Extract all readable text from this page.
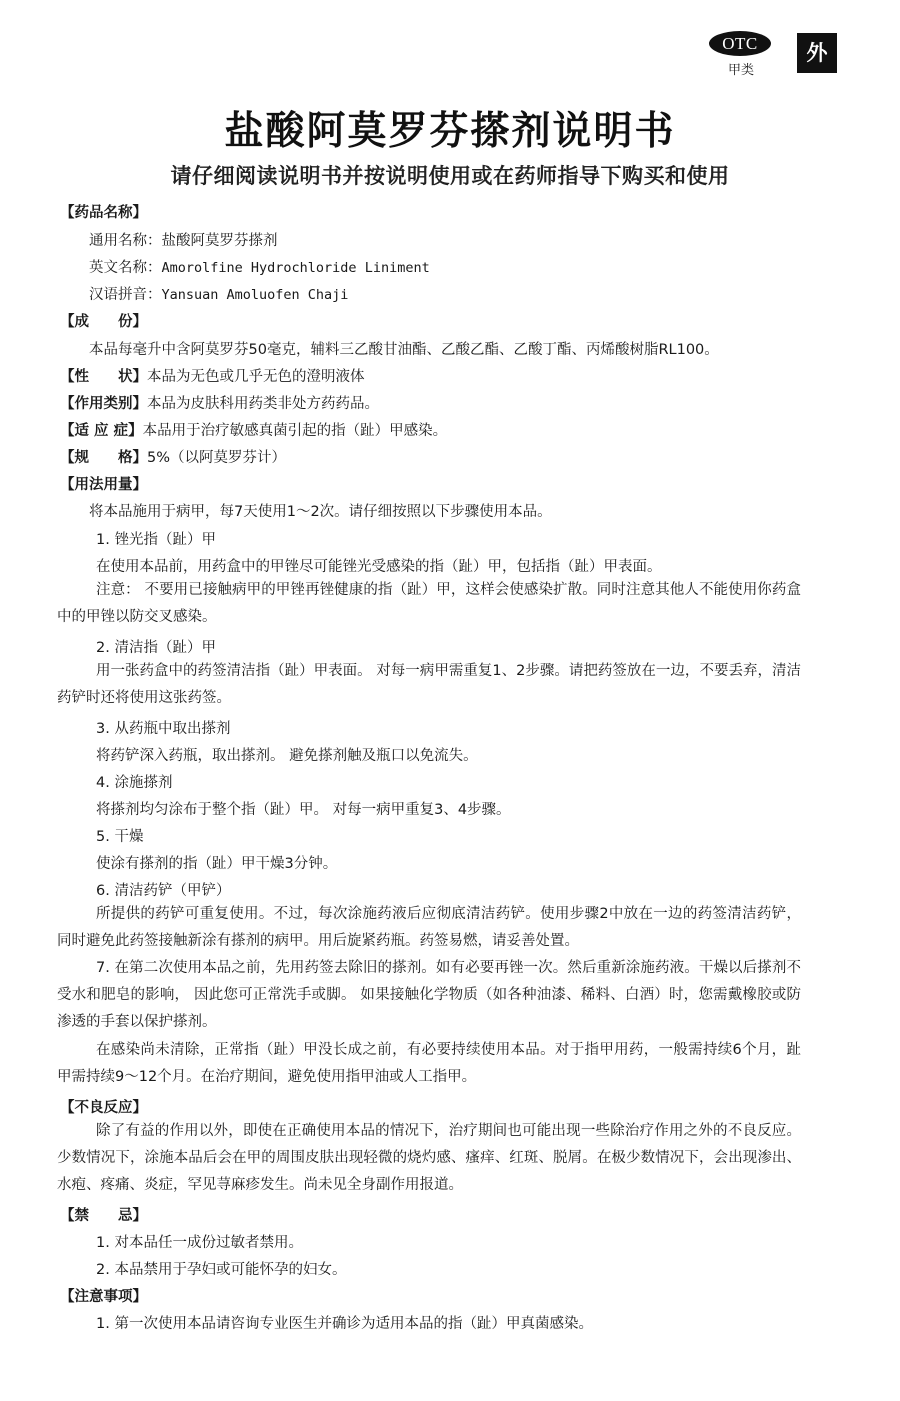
OTC
甲类
外
盐酸阿莫罗芬搽剂说明书
请仔细阅读说明书并按说明使用或在药师指导下购买和使用
【药品名称】
通用名称：盐酸阿莫罗芬搽剂
英文名称：Amorolfine Hydrochloride Liniment
汉语拼音：Yansuan Amoluofen Chaji
【成　　份】
本品每毫升中含阿莫罗芬50毫克，辅料三乙酸甘油酯、乙酸乙酯、乙酸丁酯、丙烯酸树脂RL100。
【性　　状】本品为无色或几乎无色的澄明液体
【作用类别】本品为皮肤科用药类非处方药药品。
【适 应 症】本品用于治疗敏感真菌引起的指（趾）甲感染。
【规　　格】5%（以阿莫罗芬计）
【用法用量】
将本品施用于病甲，每7天使用1～2次。请仔细按照以下步骤使用本品。
1. 锉光指（趾）甲
在使用本品前，用药盒中的甲锉尽可能锉光受感染的指（趾）甲，包括指（趾）甲表面。
注意： 不要用已接触病甲的甲锉再锉健康的指（趾）甲，这样会使感染扩散。同时注意其他人不能使用你药盒中的甲锉以防交叉感染。
2. 清洁指（趾）甲
用一张药盒中的药签清洁指（趾）甲表面。 对每一病甲需重复1、2步骤。请把药签放在一边，不要丢弃，清洁药铲时还将使用这张药签。
3. 从药瓶中取出搽剂
将药铲深入药瓶，取出搽剂。 避免搽剂触及瓶口以免流失。
4. 涂施搽剂
将搽剂均匀涂布于整个指（趾）甲。 对每一病甲重复3、4步骤。
5. 干燥
使涂有搽剂的指（趾）甲干燥3分钟。
6. 清洁药铲（甲铲）
所提供的药铲可重复使用。不过，每次涂施药液后应彻底清洁药铲。使用步骤2中放在一边的药签清洁药铲，同时避免此药签接触新涂有搽剂的病甲。用后旋紧药瓶。药签易燃，请妥善处置。
7. 在第二次使用本品之前，先用药签去除旧的搽剂。如有必要再锉一次。然后重新涂施药液。干燥以后搽剂不受水和肥皂的影响， 因此您可正常洗手或脚。 如果接触化学物质（如各种油漆、稀料、白酒）时，您需戴橡胶或防渗透的手套以保护搽剂。
在感染尚未清除，正常指（趾）甲没长成之前，有必要持续使用本品。对于指甲用药，一般需持续6个月，趾甲需持续9～12个月。在治疗期间，避免使用指甲油或人工指甲。
【不良反应】
除了有益的作用以外，即使在正确使用本品的情况下，治疗期间也可能出现一些除治疗作用之外的不良反应。少数情况下，涂施本品后会在甲的周围皮肤出现轻微的烧灼感、瘙痒、红斑、脱屑。在极少数情况下，会出现渗出、水疱、疼痛、炎症，罕见荨麻疹发生。尚未见全身副作用报道。
【禁　　忌】
1. 对本品任一成份过敏者禁用。
2. 本品禁用于孕妇或可能怀孕的妇女。
【注意事项】
1. 第一次使用本品请咨询专业医生并确诊为适用本品的指（趾）甲真菌感染。
